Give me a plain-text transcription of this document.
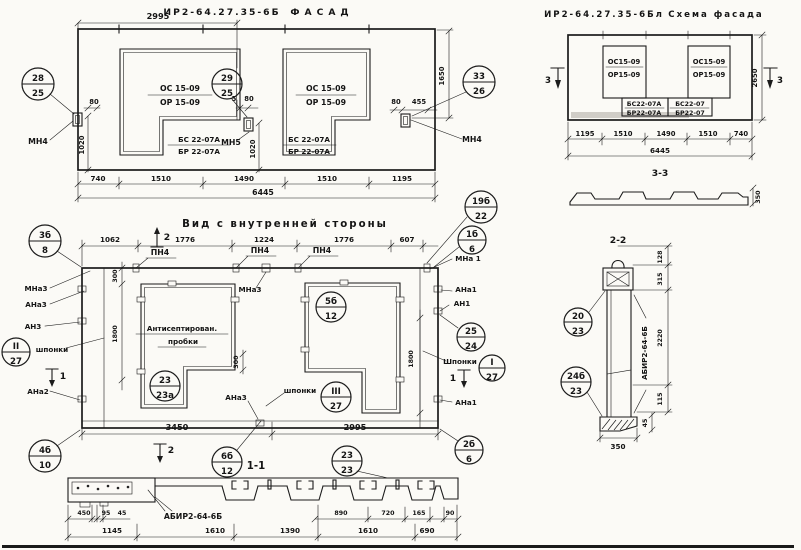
ИР2-64.27.35-6Б ФАСАД
2995
ОС 15-09
ОР 15-09
ОС 15-09
ОР 15-09
БС 22-07А
БР 22-07А
БС 22-07А
БР 22-07А
МН4	МН5	МН4
80	5 80	80 455
1020	1020
1650
740	1510	1490	1510	1195
6445
28
25
29
25
33
26
ИР2-64.27.35-6Бл Схема фасада
ОС15-09
ОР15-09
ОС15-09
ОР15-09
БС22-07А
БР22-07А
БС22-07
БР22-07
3	3
2650
1195	1510	1490	1510 740
6445
3-3
350
Вид с внутренней стороны
1062	1776	1224	1776	607
ПН4	ПН4	ПН4
2
2
1	1
МНа3
АНа3
АН3
шпонки
АНа2
300
1800	Антисептирован.
пробки
МНа3
300
АНа3
шпонки
МНа 1
АНа1
АН1
Шпонки
АНа1
1800
3450	2995
1-1
3б
8
19б
22
1б
6
25
24
I
27
II
27
III
27
23
23а
5б
12
4б
10
6б
12
23
23
2б
6
АБИР2-64-6Б
450 95 45	890	720	165	90
1145	1610	1390	1610	690
2-2
АБИР2-64-6Б
128
315
2220
115
45
350
20
23
24б
23
